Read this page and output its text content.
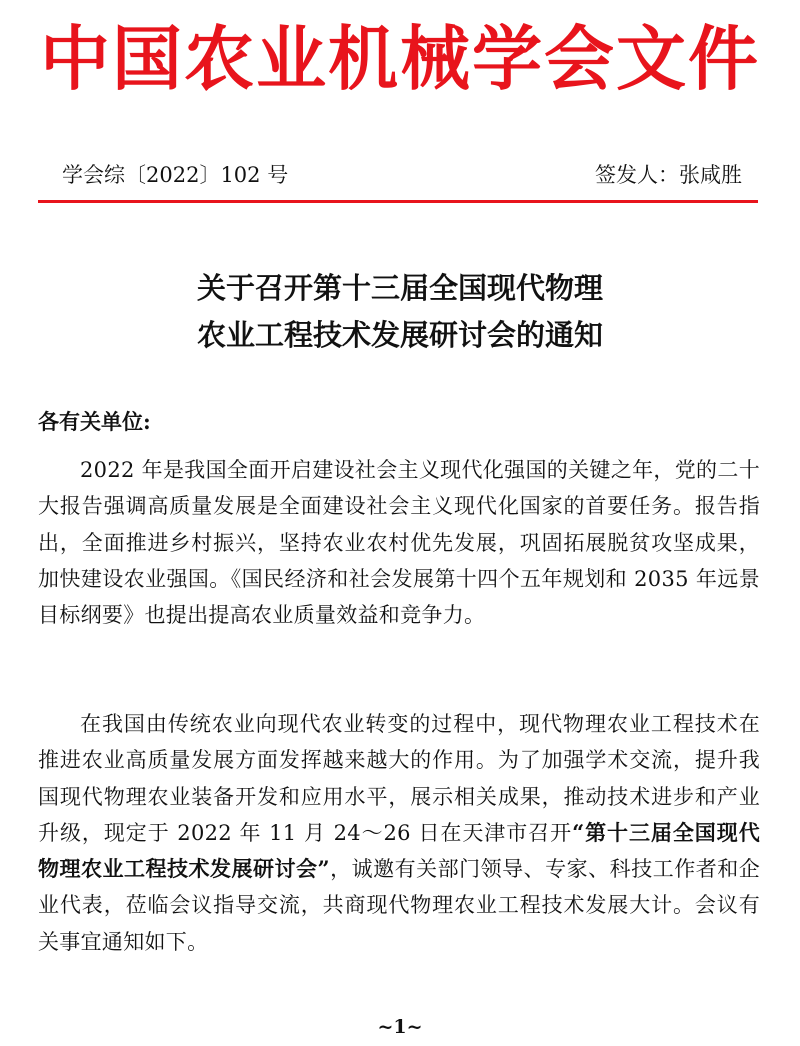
中国农业机械学会文件
学会综〔2022〕102 号	签发人：张咸胜
关于召开第十三届全国现代物理
农业工程技术发展研讨会的通知
各有关单位:
2022 年是我国全面开启建设社会主义现代化强国的关键之年，党的二十大报告强调高质量发展是全面建设社会主义现代化国家的首要任务。报告指出，全面推进乡村振兴，坚持农业农村优先发展，巩固拓展脱贫攻坚成果，加快建设农业强国。《国民经济和社会发展第十四个五年规划和 2035 年远景目标纲要》也提出提高农业质量效益和竞争力。
在我国由传统农业向现代农业转变的过程中，现代物理农业工程技术在推进农业高质量发展方面发挥越来越大的作用。为了加强学术交流，提升我国现代物理农业装备开发和应用水平，展示相关成果，推动技术进步和产业升级，现定于 2022 年 11 月 24～26 日在天津市召开“第十三届全国现代物理农业工程技术发展研讨会”，诚邀有关部门领导、专家、科技工作者和企业代表，莅临会议指导交流，共商现代物理农业工程技术发展大计。会议有关事宜通知如下。
~1~
